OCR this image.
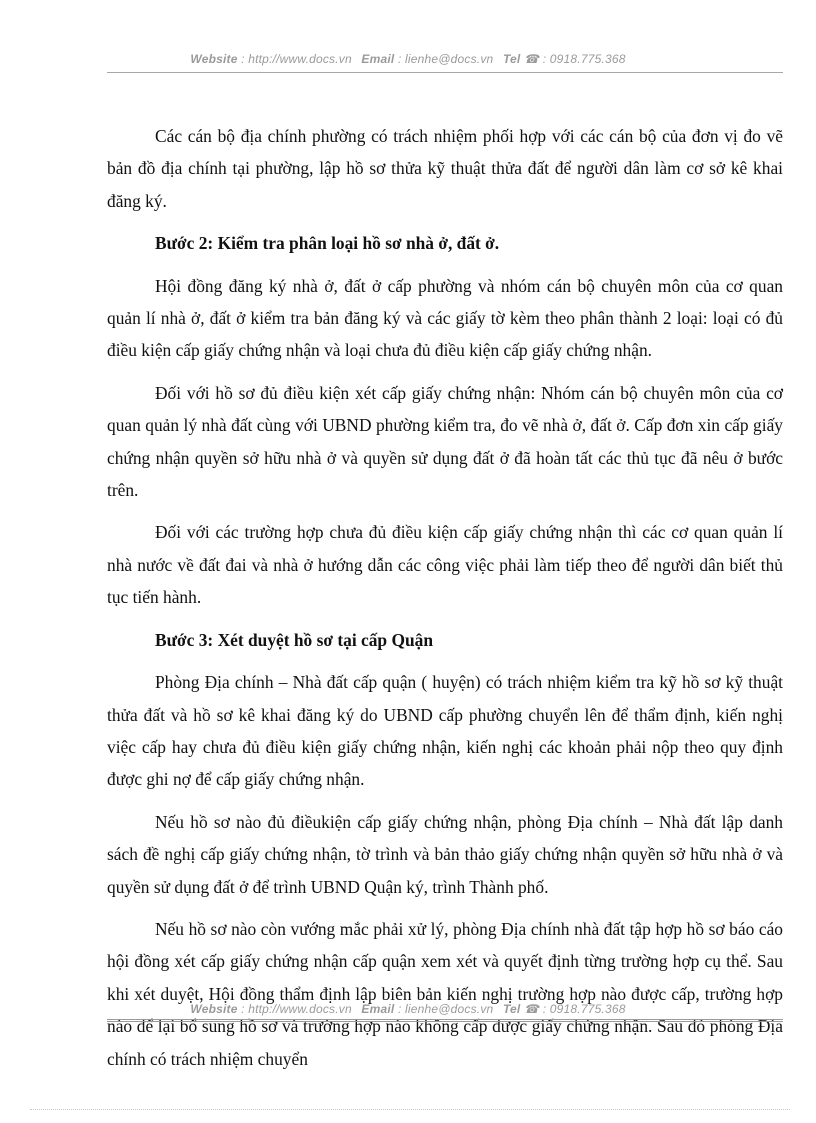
Website : http://www.docs.vn Email : lienhe@docs.vn Tel ☎ : 0918.775.368

Các cán bộ địa chính phường có trách nhiệm phối hợp với các cán bộ của đơn vị đo vẽ bản đồ địa chính tại phường, lập hồ sơ thửa kỹ thuật thửa đất để người dân làm cơ sở kê khai đăng ký.

Bước 2: Kiểm tra phân loại hồ sơ nhà ở, đất ở.

Hội đồng đăng ký nhà ở, đất ở cấp phường và nhóm cán bộ chuyên môn của cơ quan quản lí nhà ở, đất ở kiểm tra bản đăng ký và các giấy tờ kèm theo phân thành 2 loại: loại có đủ điều kiện cấp giấy chứng nhận và loại chưa đủ điều kiện cấp giấy chứng nhận.

Đối với hồ sơ đủ điều kiện xét cấp giấy chứng nhận: Nhóm cán bộ chuyên môn của cơ quan quản lý nhà đất cùng với UBND phường kiểm tra, đo vẽ nhà ở, đất ở. Cấp đơn xin cấp giấy chứng nhận quyền sở hữu nhà ở và quyền sử dụng đất ở đã hoàn tất các thủ tục đã nêu ở bước trên.

Đối với các trường hợp chưa đủ điều kiện cấp giấy chứng nhận thì các cơ quan quản lí nhà nước về đất đai và nhà ở hướng dẫn các công việc phải làm tiếp theo để người dân biết thủ tục tiến hành.

Bước 3: Xét duyệt hồ sơ tại cấp Quận

Phòng Địa chính – Nhà đất cấp quận ( huyện) có trách nhiệm kiểm tra kỹ hồ sơ kỹ thuật thửa đất và hồ sơ kê khai đăng ký do UBND cấp phường chuyển lên để thẩm định, kiến nghị việc cấp hay chưa đủ điều kiện giấy chứng nhận, kiến nghị các khoản phải nộp theo quy định được ghi nợ để cấp giấy chứng nhận.

Nếu hồ sơ nào đủ điềukiện cấp giấy chứng nhận, phòng Địa chính – Nhà đất lập danh sách đề nghị cấp giấy chứng nhận, tờ trình và bản thảo giấy chứng nhận quyền sở hữu nhà ở và quyền sử dụng đất ở để trình UBND Quận ký, trình Thành phố.

Nếu hồ sơ nào còn vướng mắc phải xử lý, phòng Địa chính nhà đất tập hợp hồ sơ báo cáo hội đồng xét cấp giấy chứng nhận cấp quận xem xét và quyết định từng trường hợp cụ thể. Sau khi xét duyệt, Hội đồng thẩm định lập biên bản kiến nghị trường hợp nào được cấp, trường hợp nào để lại bổ sung hồ sơ và trường hợp nào không cấp được giấy chứng nhận. Sau đó phòng Địa chính có trách nhiệm chuyển

Website : http://www.docs.vn Email : lienhe@docs.vn Tel ☎ : 0918.775.368
